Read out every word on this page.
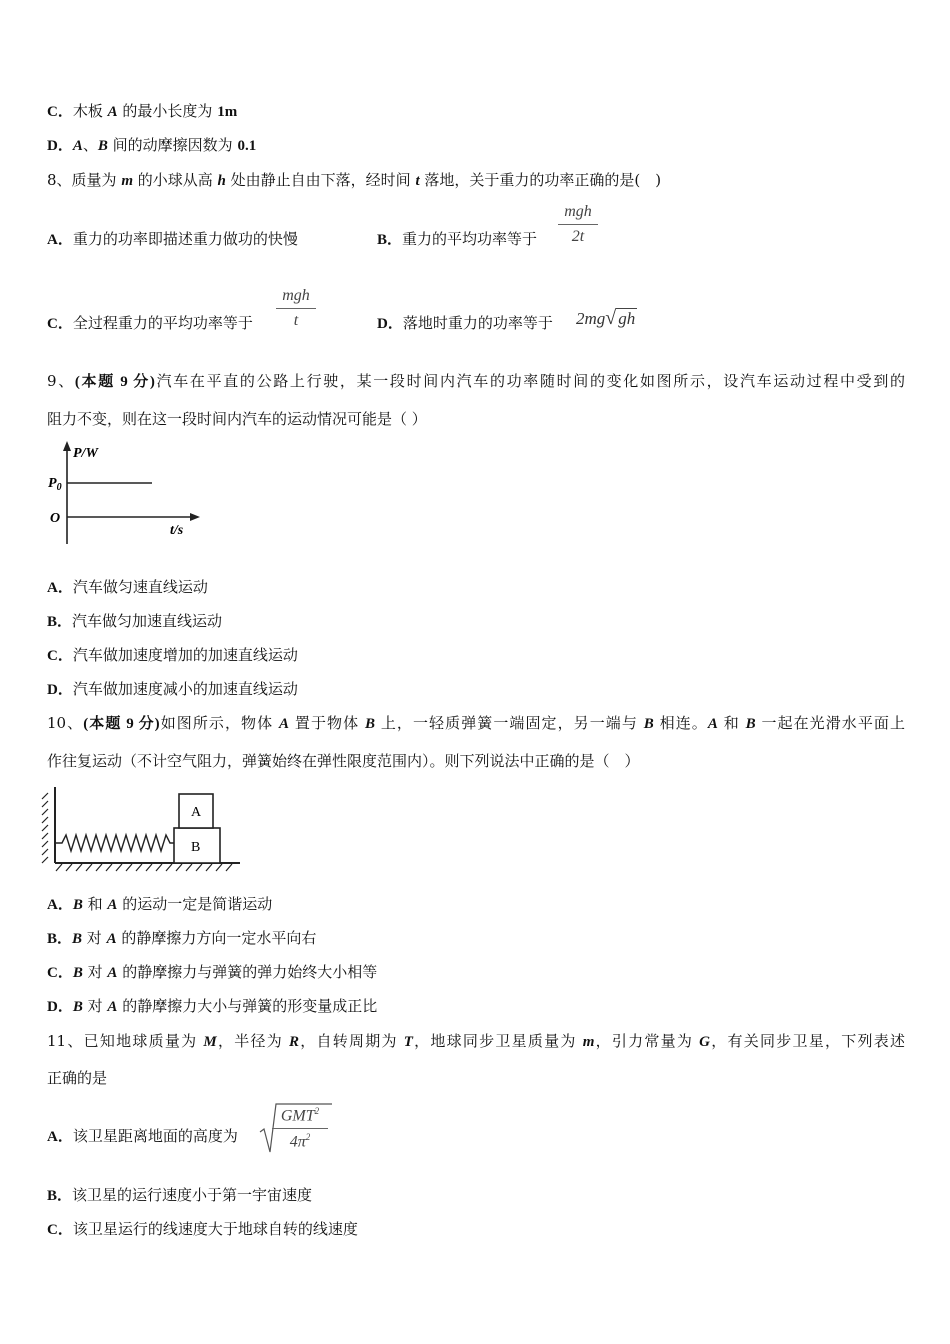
C．木板 A 的最小长度为 1m
D．A、B 间的动摩擦因数为 0.1
8、质量为 m 的小球从高 h 处由静止自由下落，经时间 t 落地，关于重力的功率正确的是(　)
A．重力的功率即描述重力做功的快慢	B．重力的平均功率等于
mgh
2t
C．全过程重力的平均功率等于
mgh
t	D．落地时重力的功率等于 2mg√ gh
9、(本题 9 分)汽车在平直的公路上行驶，某一段时间内汽车的功率随时间的变化如图所示，设汽车运动过程中受到的
阻力不变，则在这一段时间内汽车的运动情况可能是（ ）
P/W
$P_0$
O
t/s
A．汽车做匀速直线运动
B．汽车做匀加速直线运动
C．汽车做加速度增加的加速直线运动
D．汽车做加速度减小的加速直线运动
10、(本题 9 分)如图所示，物体 A 置于物体 B 上，一轻质弹簧一端固定，另一端与 B 相连。A 和 B 一起在光滑水平面上
作往复运动（不计空气阻力，弹簧始终在弹性限度范围内）。则下列说法中正确的是（　）
A
B
A．B 和 A 的运动一定是简谐运动
B．B 对 A 的静摩擦力方向一定水平向右
C．B 对 A 的静摩擦力与弹簧的弹力始终大小相等
D．B 对 A 的静摩擦力大小与弹簧的形变量成正比
11、已知地球质量为 M，半径为 R，自转周期为 T，地球同步卫星质量为 m，引力常量为 G，有关同步卫星，下列表述
正确的是
A．该卫星距离地面的高度为
GMT$^2$
$4\pi^2$
B．该卫星的运行速度小于第一宇宙速度
C．该卫星运行的线速度大于地球自转的线速度
